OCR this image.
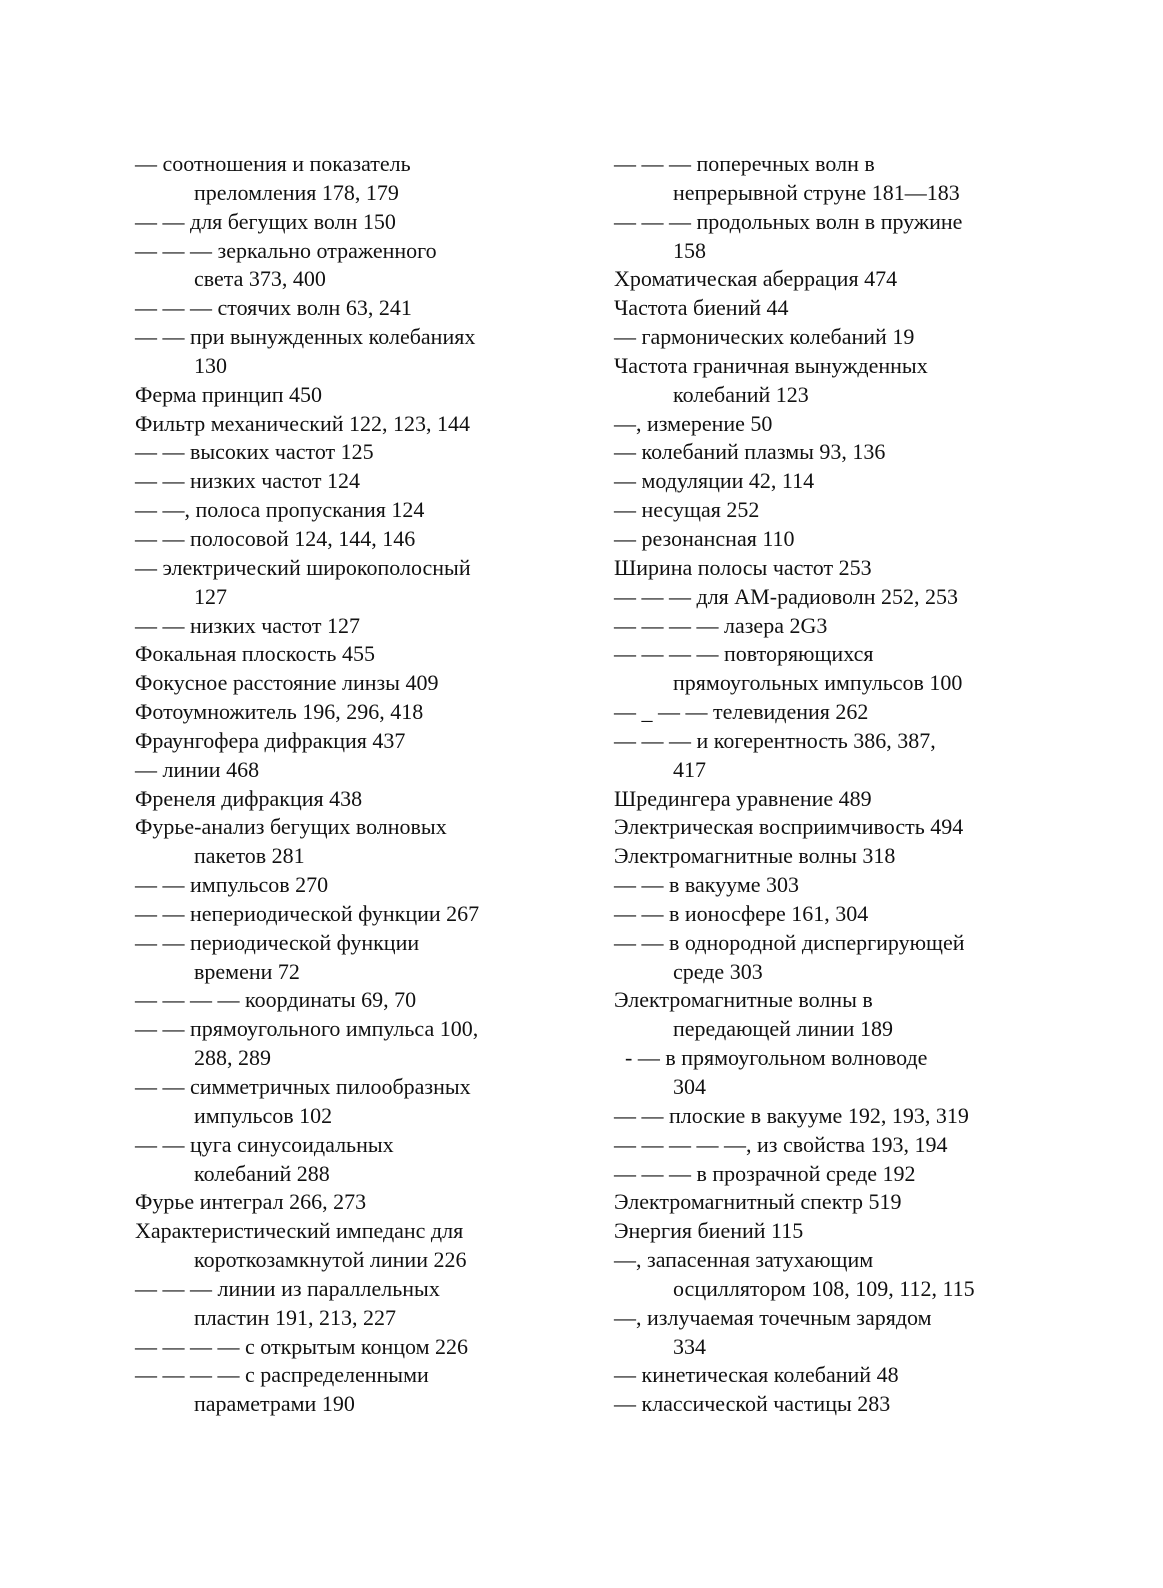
— соотношения и показатель
преломления 178, 179
— — для бегущих волн 150
— — — зеркально отраженного
света 373, 400
— — — стоячих волн 63, 241
— — при вынужденных колебаниях
130
Ферма принцип 450
Фильтр механический 122, 123, 144
— — высоких частот 125
— — низких частот 124
— —, полоса пропускания 124
— — полосовой 124, 144, 146
— электрический широкополосный
127
— — низких частот 127
Фокальная плоскость 455
Фокусное расстояние линзы 409
Фотоумножитель 196, 296, 418
Фраунгофера дифракция 437
— линии 468
Френеля дифракция 438
Фурье-анализ бегущих волновых
пакетов 281
— — импульсов 270
— — непериодической функции 267
— — периодической функции
времени 72
— — — — координаты 69, 70
— — прямоугольного импульса 100,
288, 289
— — симметричных пилообразных
импульсов 102
— — цуга синусоидальных
колебаний 288
Фурье интеграл 266, 273
Характеристический импеданс для
короткозамкнутой линии 226
— — — линии из параллельных
пластин 191, 213, 227
— — — — с открытым концом 226
— — — — с распределенными
параметрами 190
— — — поперечных волн в
непрерывной струне 181—183
— — — продольных волн в пружине
158
Хроматическая аберрация 474
Частота биений 44
— гармонических колебаний 19
Частота граничная вынужденных
колебаний 123
—, измерение 50
— колебаний плазмы 93, 136
— модуляции 42, 114
— несущая 252
— резонансная 110
Ширина полосы частот 253
— — — для АМ-радиоволн 252, 253
— — — — лазера 2G3
— — — — повторяющихся
прямоугольных импульсов 100
— _ — — телевидения 262
— — — и когерентность 386, 387,
417
Шредингера уравнение 489
Электрическая восприимчивость 494
Электромагнитные волны 318
— — в вакууме 303
— — в ионосфере 161, 304
— — в однородной диспергирующей
среде 303
Электромагнитные волны в
передающей линии 189
- — в прямоугольном волноводе
304
— — плоские в вакууме 192, 193, 319
— — — — —, из свойства 193, 194
— — — в прозрачной среде 192
Электромагнитный спектр 519
Энергия биений 115
—, запасенная затухающим
осциллятором 108, 109, 112, 115
—, излучаемая точечным зарядом
334
— кинетическая колебаний 48
— классической частицы 283
